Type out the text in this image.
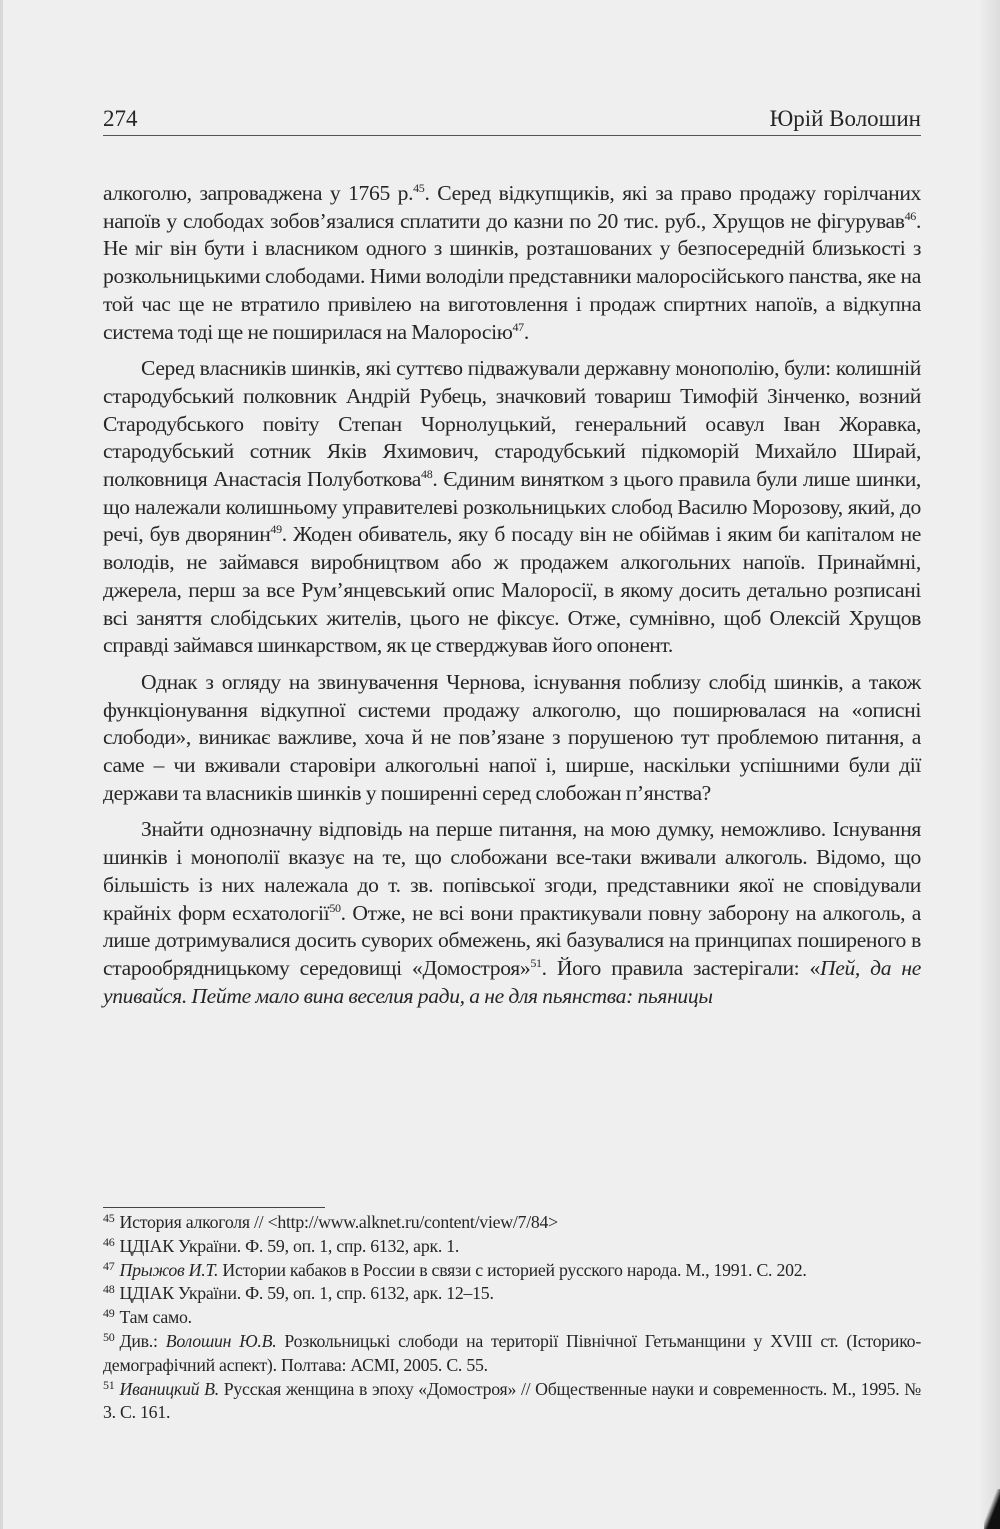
274	Юрій Волошин

алкоголю, запроваджена у 1765 р.$^{45}$. Серед відкупщиків, які за право продажу горілчаних напоїв у слободах зобов’язалися сплатити до казни по 20 тис. руб., Хрущов не фігурував$^{46}$. Не міг він бути і власником одного з шинків, розташованих у безпосередній близькості з розкольницькими слободами. Ними володіли представники малоросійського панства, яке на той час ще не втратило привілею на виготовлення і продаж спиртних напоїв, а відкупна система тоді ще не поширилася на Малоросію$^{47}$.

Серед власників шинків, які суттєво підважували державну монополію, були: колишній стародубський полковник Андрій Рубець, значковий товариш Тимофій Зінченко, возний Стародубського повіту Степан Чорнолуцький, генеральний осавул Іван Жоравка, стародубський сотник Яків Яхимович, стародубський підкоморій Михайло Ширай, полковниця Анастасія Полуботкова$^{48}$. Єдиним винятком з цього правила були лише шинки, що належали колишньому управителеві розкольницьких слобод Василю Морозову, який, до речі, був дворянин$^{49}$. Жоден обиватель, яку б посаду він не обіймав і яким би капіталом не володів, не займався виробництвом або ж продажем алкогольних напоїв. Принаймні, джерела, перш за все Рум’янцевський опис Малоросії, в якому досить детально розписані всі заняття слобідських жителів, цього не фіксує. Отже, сумнівно, щоб Олексій Хрущов справді займався шинкарством, як це стверджував його опонент.

Однак з огляду на звинувачення Чернова, існування поблизу слобід шинків, а також функціонування відкупної системи продажу алкоголю, що поширювалася на «описні слободи», виникає важливе, хоча й не пов’язане з порушеною тут проблемою питання, а саме – чи вживали старовіри алкогольні напої і, ширше, наскільки успішними були дії держави та власників шинків у поширенні серед слобожан п’янства?

Знайти однозначну відповідь на перше питання, на мою думку, неможливо. Існування шинків і монополії вказує на те, що слобожани все-таки вживали алкоголь. Відомо, що більшість із них належала до т. зв. попівської згоди, представники якої не сповідували крайніх форм есхатології$^{50}$. Отже, не всі вони практикували повну заборону на алкоголь, а лише дотримувалися досить суворих обмежень, які базувалися на принципах поширеного в старообрядницькому середовищі «Домостроя»$^{51}$. Його правила застерігали: «Пей, да не упивайся. Пейте мало вина веселия ради, а не для пьянства: пьяницы

$^{45}$ История алкоголя // <http://www.alknet.ru/content/view/7/84>

$^{46}$ ЦДІАК України. Ф. 59, оп. 1, спр. 6132, арк. 1.

$^{47}$ Прыжов И.Т. Истории кабаков в России в связи с историей русского народа. М., 1991. С. 202.

$^{48}$ ЦДІАК України. Ф. 59, оп. 1, спр. 6132, арк. 12–15.

$^{49}$ Там само.

$^{50}$ Див.: Волошин Ю.В. Розкольницькі слободи на території Північної Гетьманщини у XVIII ст. (Історико-демографічний аспект). Полтава: АСМІ, 2005. С. 55.

$^{51}$ Иваницкий В. Русская женщина в эпоху «Домостроя» // Общественные науки и современность. М., 1995. № 3. С. 161.
